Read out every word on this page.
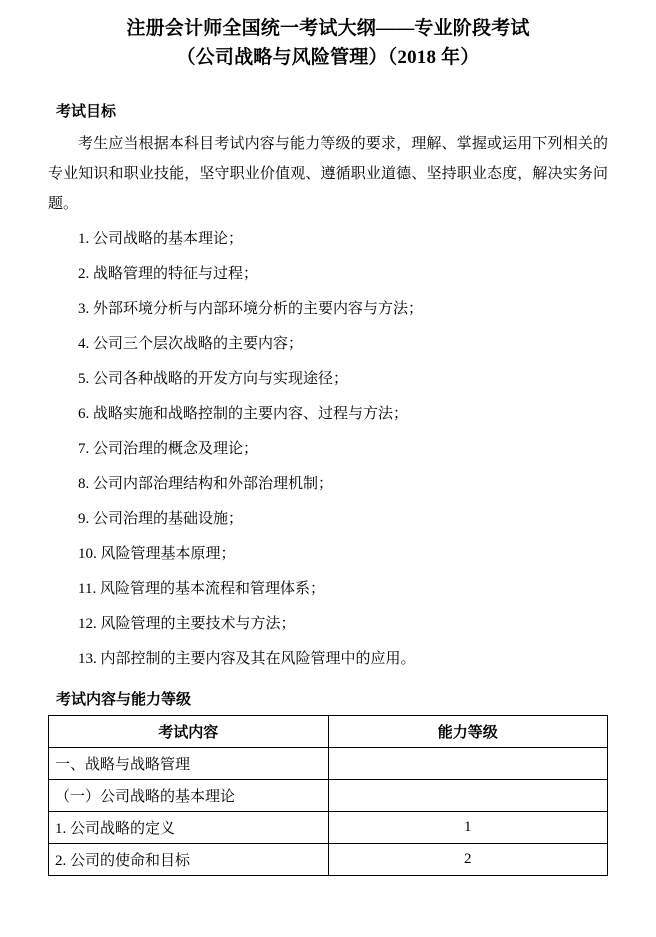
注册会计师全国统一考试大纲——专业阶段考试
（公司战略与风险管理）（2018 年）
考试目标
考生应当根据本科目考试内容与能力等级的要求，理解、掌握或运用下列相关的专业知识和职业技能，坚守职业价值观、遵循职业道德、坚持职业态度，解决实务问题。
1. 公司战略的基本理论；
2. 战略管理的特征与过程；
3. 外部环境分析与内部环境分析的主要内容与方法；
4. 公司三个层次战略的主要内容；
5. 公司各种战略的开发方向与实现途径；
6. 战略实施和战略控制的主要内容、过程与方法；
7. 公司治理的概念及理论；
8. 公司内部治理结构和外部治理机制；
9. 公司治理的基础设施；
10. 风险管理基本原理；
11. 风险管理的基本流程和管理体系；
12. 风险管理的主要技术与方法；
13. 内部控制的主要内容及其在风险管理中的应用。
考试内容与能力等级
考试内容	能力等级
一、战略与战略管理	
（一）公司战略的基本理论	
1. 公司战略的定义	1
2. 公司的使命和目标	2
